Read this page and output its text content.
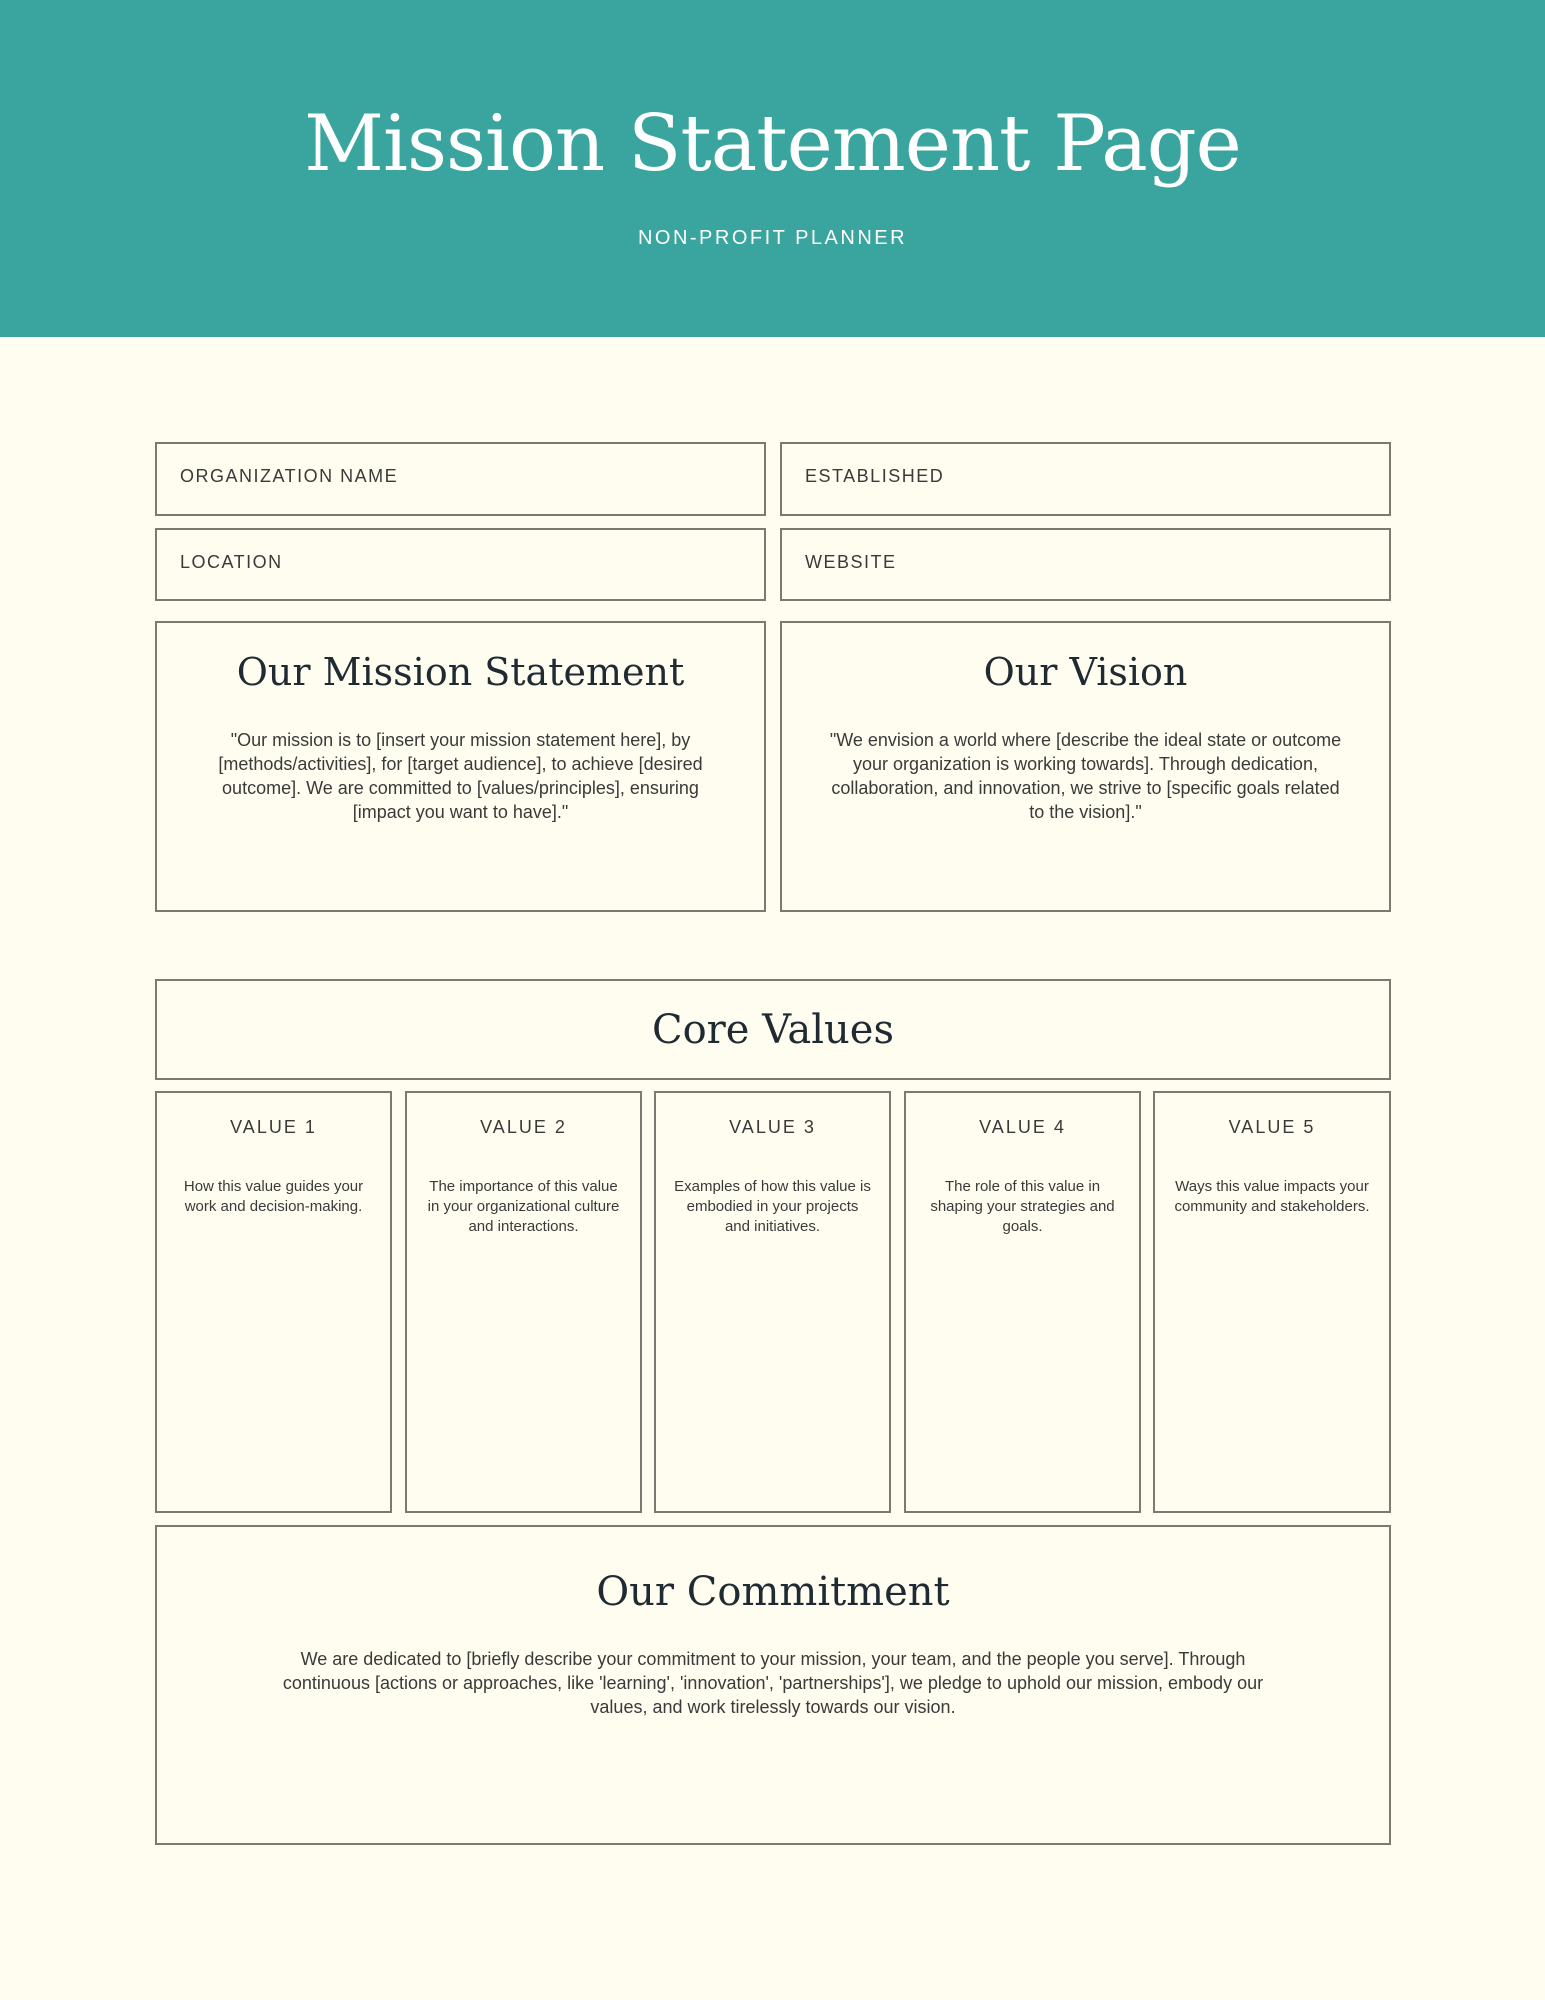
Mission Statement Page
NON-PROFIT PLANNER
ORGANIZATION NAME	ESTABLISHED
LOCATION	WEBSITE
Our Mission Statement
"Our mission is to [insert your mission statement here], by [methods/activities], for [target audience], to achieve [desired outcome]. We are committed to [values/principles], ensuring [impact you want to have]."
Our Vision
"We envision a world where [describe the ideal state or outcome your organization is working towards]. Through dedication, collaboration, and innovation, we strive to [specific goals related to the vision]."
Core Values
VALUE 1
How this value guides your work and decision-making.
VALUE 2
The importance of this value in your organizational culture and interactions.
VALUE 3
Examples of how this value is embodied in your projects and initiatives.
VALUE 4
The role of this value in shaping your strategies and goals.
VALUE 5
Ways this value impacts your community and stakeholders.
Our Commitment
We are dedicated to [briefly describe your commitment to your mission, your team, and the people you serve]. Through continuous [actions or approaches, like 'learning', 'innovation', 'partnerships'], we pledge to uphold our mission, embody our values, and work tirelessly towards our vision.
